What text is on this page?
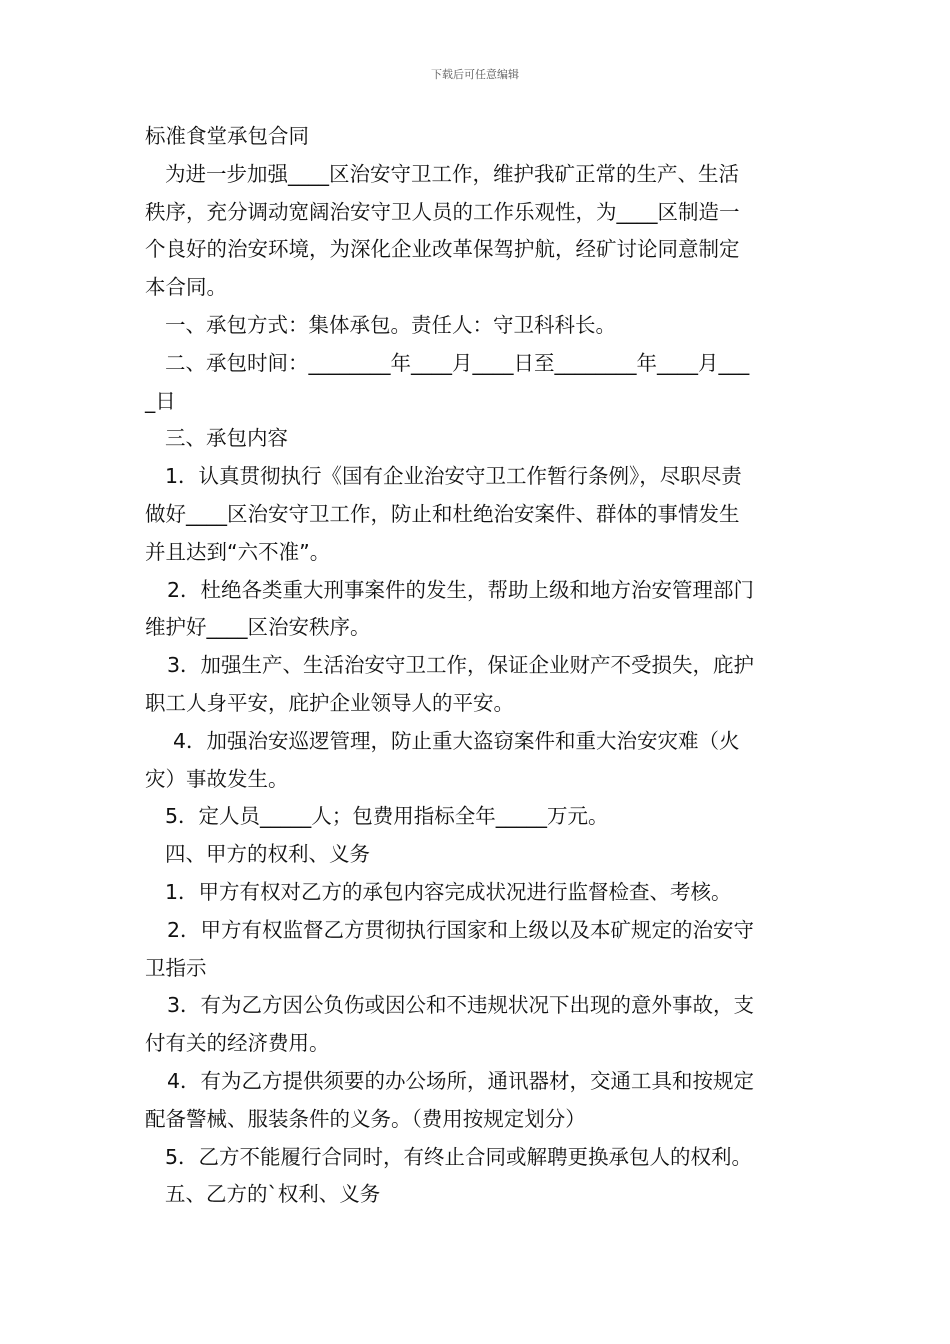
下载后可任意编辑
标准食堂承包合同
为进一步加强____区治安守卫工作，维护我矿正常的生产、生活
秩序，充分调动宽阔治安守卫人员的工作乐观性，为____区制造一
个良好的治安环境，为深化企业改革保驾护航，经矿讨论同意制定
本合同。
一、承包方式：集体承包。责任人：守卫科科长。
二、承包时间：________年____月____日至________年____月___
_日
三、承包内容
1．认真贯彻执行《国有企业治安守卫工作暂行条例》，尽职尽责
做好____区治安守卫工作，防止和杜绝治安案件、群体的事情发生
并且达到“六不准”。
2．杜绝各类重大刑事案件的发生，帮助上级和地方治安管理部门
维护好____区治安秩序。
3．加强生产、生活治安守卫工作，保证企业财产不受损失，庇护
职工人身平安，庇护企业领导人的平安。
4．加强治安巡逻管理，防止重大盗窃案件和重大治安灾难（火
灾）事故发生。
5．定人员_____人；包费用指标全年_____万元。
四、甲方的权利、义务
1．甲方有权对乙方的承包内容完成状况进行监督检查、考核。
2．甲方有权监督乙方贯彻执行国家和上级以及本矿规定的治安守
卫指示
3．有为乙方因公负伤或因公和不违规状况下出现的意外事故，支
付有关的经济费用。
4．有为乙方提供须要的办公场所，通讯器材，交通工具和按规定
配备警械、服装条件的义务。（费用按规定划分）
5．乙方不能履行合同时，有终止合同或解聘更换承包人的权利。
五、乙方的`权利、义务
